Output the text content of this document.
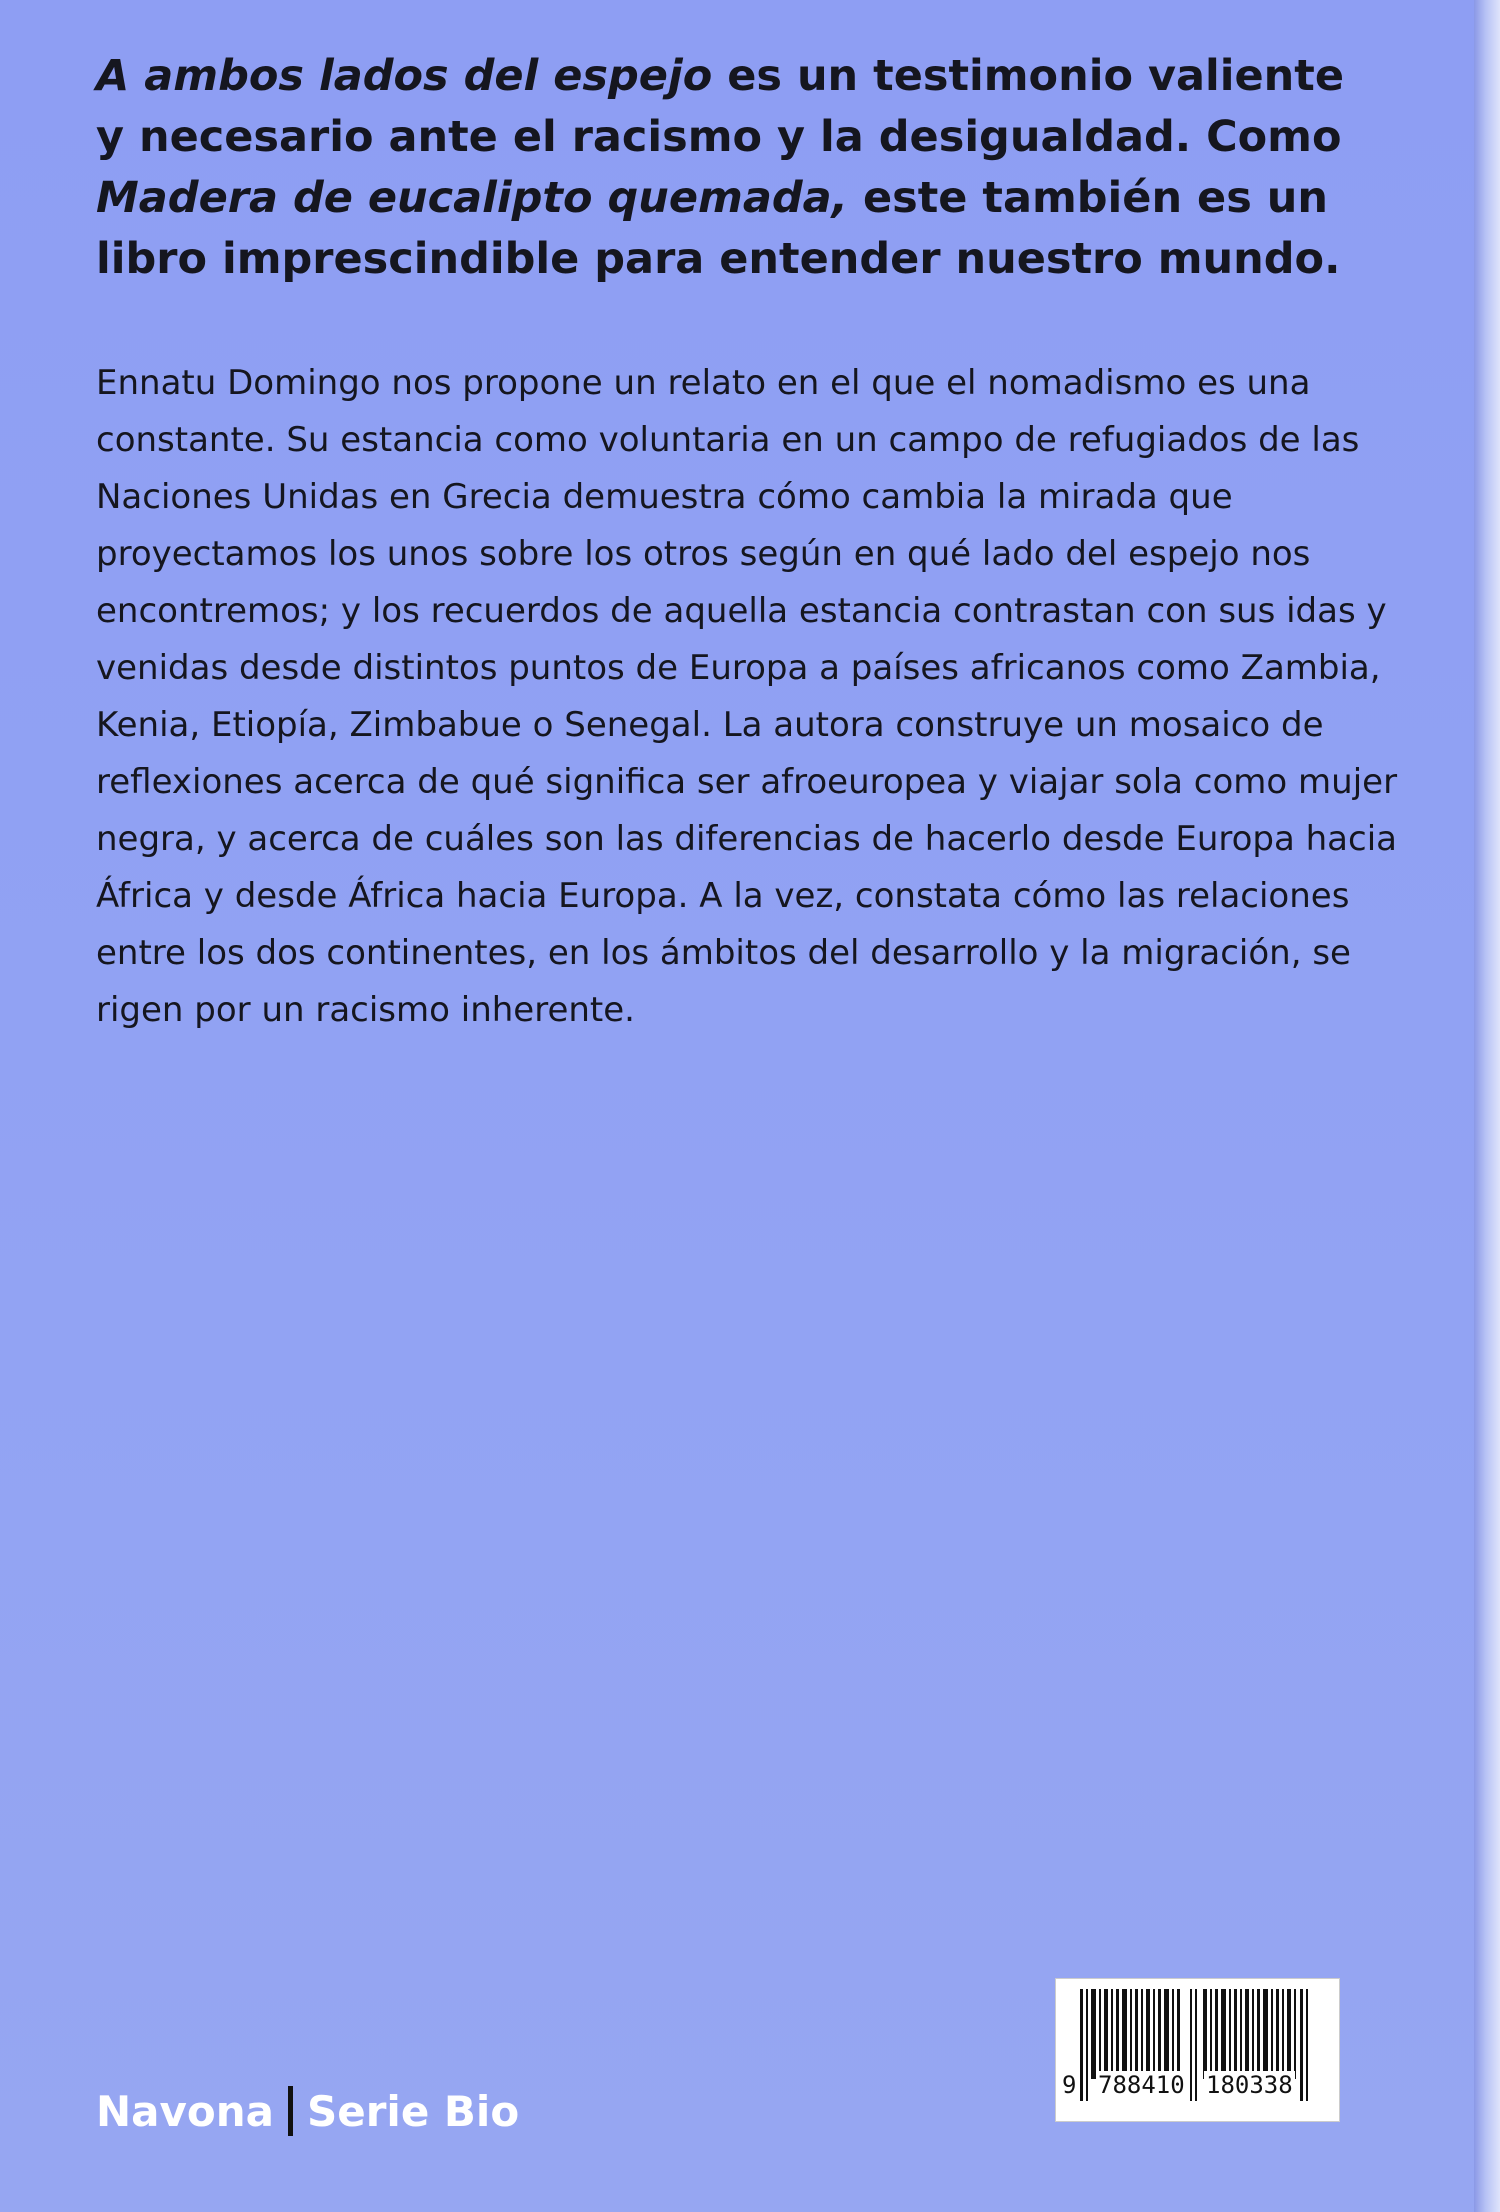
A ambos lados del espejo es un testimonio valiente y necesario ante el racismo y la desigualdad. Como Madera de eucalipto quemada, este también es un libro imprescindible para entender nuestro mundo.

Ennatu Domingo nos propone un relato en el que el nomadismo es una constante. Su estancia como voluntaria en un campo de refugiados de las Naciones Unidas en Grecia demuestra cómo cambia la mirada que proyectamos los unos sobre los otros según en qué lado del espejo nos encontremos; y los recuerdos de aquella estancia contrastan con sus idas y venidas desde distintos puntos de Europa a países africanos como Zambia, Kenia, Etiopía, Zimbabue o Senegal. La autora construye un mosaico de reflexiones acerca de qué significa ser afroeuropea y viajar sola como mujer negra, y acerca de cuáles son las diferencias de hacerlo desde Europa hacia África y desde África hacia Europa. A la vez, constata cómo las relaciones entre los dos continentes, en los ámbitos del desarrollo y la migración, se rigen por un racismo inherente.

Navona Serie Bio
9 788410 180338
